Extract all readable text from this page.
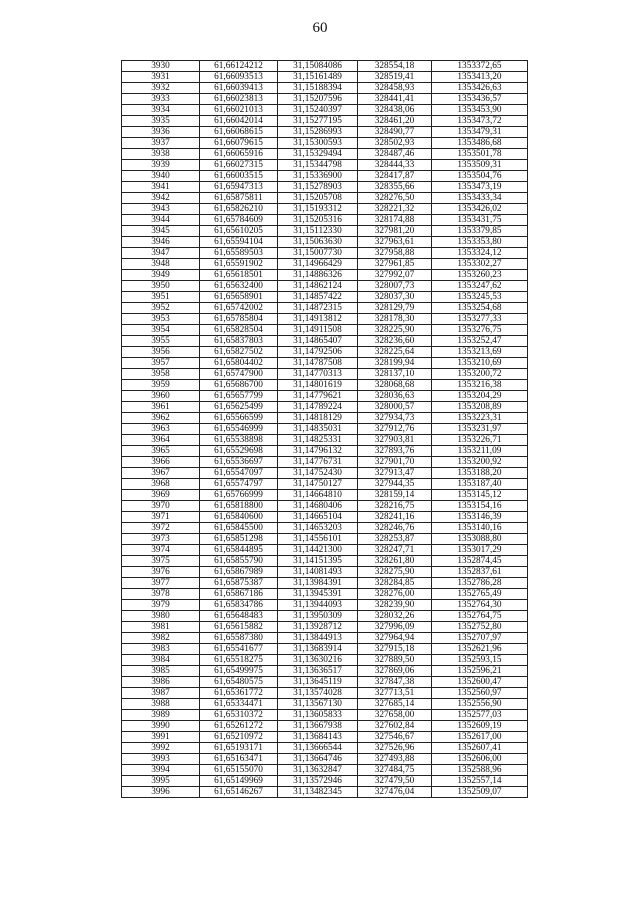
60
3930	61,66124212	31,15084086	328554,18	1353372,65
3931	61,66093513	31,15161489	328519,41	1353413,20
3932	61,66039413	31,15188394	328458,93	1353426,63
3933	61,66023813	31,15207596	328441,41	1353436,57
3934	61,66021013	31,15240397	328438,06	1353453,90
3935	61,66042014	31,15277195	328461,20	1353473,72
3936	61,66068615	31,15286993	328490,77	1353479,31
3937	61,66079615	31,15300593	328502,93	1353486,68
3938	61,66065916	31,15329494	328487,46	1353501,78
3939	61,66027315	31,15344798	328444,33	1353509,31
3940	61,66003515	31,15336900	328417,87	1353504,76
3941	61,65947313	31,15278903	328355,66	1353473,19
3942	61,65875811	31,15205708	328276,50	1353433,34
3943	61,65826210	31,15193312	328221,32	1353426,02
3944	61,65784609	31,15205316	328174,88	1353431,75
3945	61,65610205	31,15112330	327981,20	1353379,85
3946	61,65594104	31,15063630	327963,61	1353353,80
3947	61,65589503	31,15007730	327958,88	1353324,12
3948	61,65591902	31,14966429	327961,85	1353302,27
3949	61,65618501	31,14886326	327992,07	1353260,23
3950	61,65632400	31,14862124	328007,73	1353247,62
3951	61,65658901	31,14857422	328037,30	1353245,53
3952	61,65742002	31,14872315	328129,79	1353254,68
3953	61,65785804	31,14913812	328178,30	1353277,33
3954	61,65828504	31,14911508	328225,90	1353276,75
3955	61,65837803	31,14865407	328236,60	1353252,47
3956	61,65827502	31,14792506	328225,64	1353213,69
3957	61,65804402	31,14787508	328199,94	1353210,69
3958	61,65747900	31,14770313	328137,10	1353200,72
3959	61,65686700	31,14801619	328068,68	1353216,38
3960	61,65657799	31,14779621	328036,63	1353204,29
3961	61,65625499	31,14789224	328000,57	1353208,89
3962	61,65566599	31,14818129	327934,73	1353223,31
3963	61,65546999	31,14835031	327912,76	1353231,97
3964	61,65538898	31,14825331	327903,81	1353226,71
3965	61,65529698	31,14796132	327893,76	1353211,09
3966	61,65536697	31,14776731	327901,70	1353200,92
3967	61,65547097	31,14752430	327913,47	1353188,20
3968	61,65574797	31,14750127	327944,35	1353187,40
3969	61,65766999	31,14664810	328159,14	1353145,12
3970	61,65818800	31,14680406	328216,75	1353154,16
3971	61,65840600	31,14665104	328241,16	1353146,39
3972	61,65845500	31,14653203	328246,76	1353140,16
3973	61,65851298	31,14556101	328253,87	1353088,80
3974	61,65844895	31,14421300	328247,71	1353017,29
3975	61,65855790	31,14151395	328261,80	1352874,45
3976	61,65867989	31,14081493	328275,90	1352837,61
3977	61,65875387	31,13984391	328284,85	1352786,28
3978	61,65867186	31,13945391	328276,00	1352765,49
3979	61,65834786	31,13944093	328239,90	1352764,30
3980	61,65648483	31,13950309	328032,26	1352764,75
3981	61,65615882	31,13928712	327996,09	1352752,80
3982	61,65587380	31,13844913	327964,94	1352707,97
3983	61,65541677	31,13683914	327915,18	1352621,96
3984	61,65518275	31,13630216	327889,50	1352593,15
3985	61,65499975	31,13636517	327869,06	1352596,21
3986	61,65480575	31,13645119	327847,38	1352600,47
3987	61,65361772	31,13574028	327713,51	1352560,97
3988	61,65334471	31,13567130	327685,14	1352556,90
3989	61,65310372	31,13605833	327658,00	1352577,03
3990	61,65261272	31,13667938	327602,84	1352609,19
3991	61,65210972	31,13684143	327546,67	1352617,00
3992	61,65193171	31,13666544	327526,96	1352607,41
3993	61,65163471	31,13664746	327493,88	1352606,00
3994	61,65155070	31,13632847	327484,75	1352588,96
3995	61,65149969	31,13572946	327479,50	1352557,14
3996	61,65146267	31,13482345	327476,04	1352509,07
